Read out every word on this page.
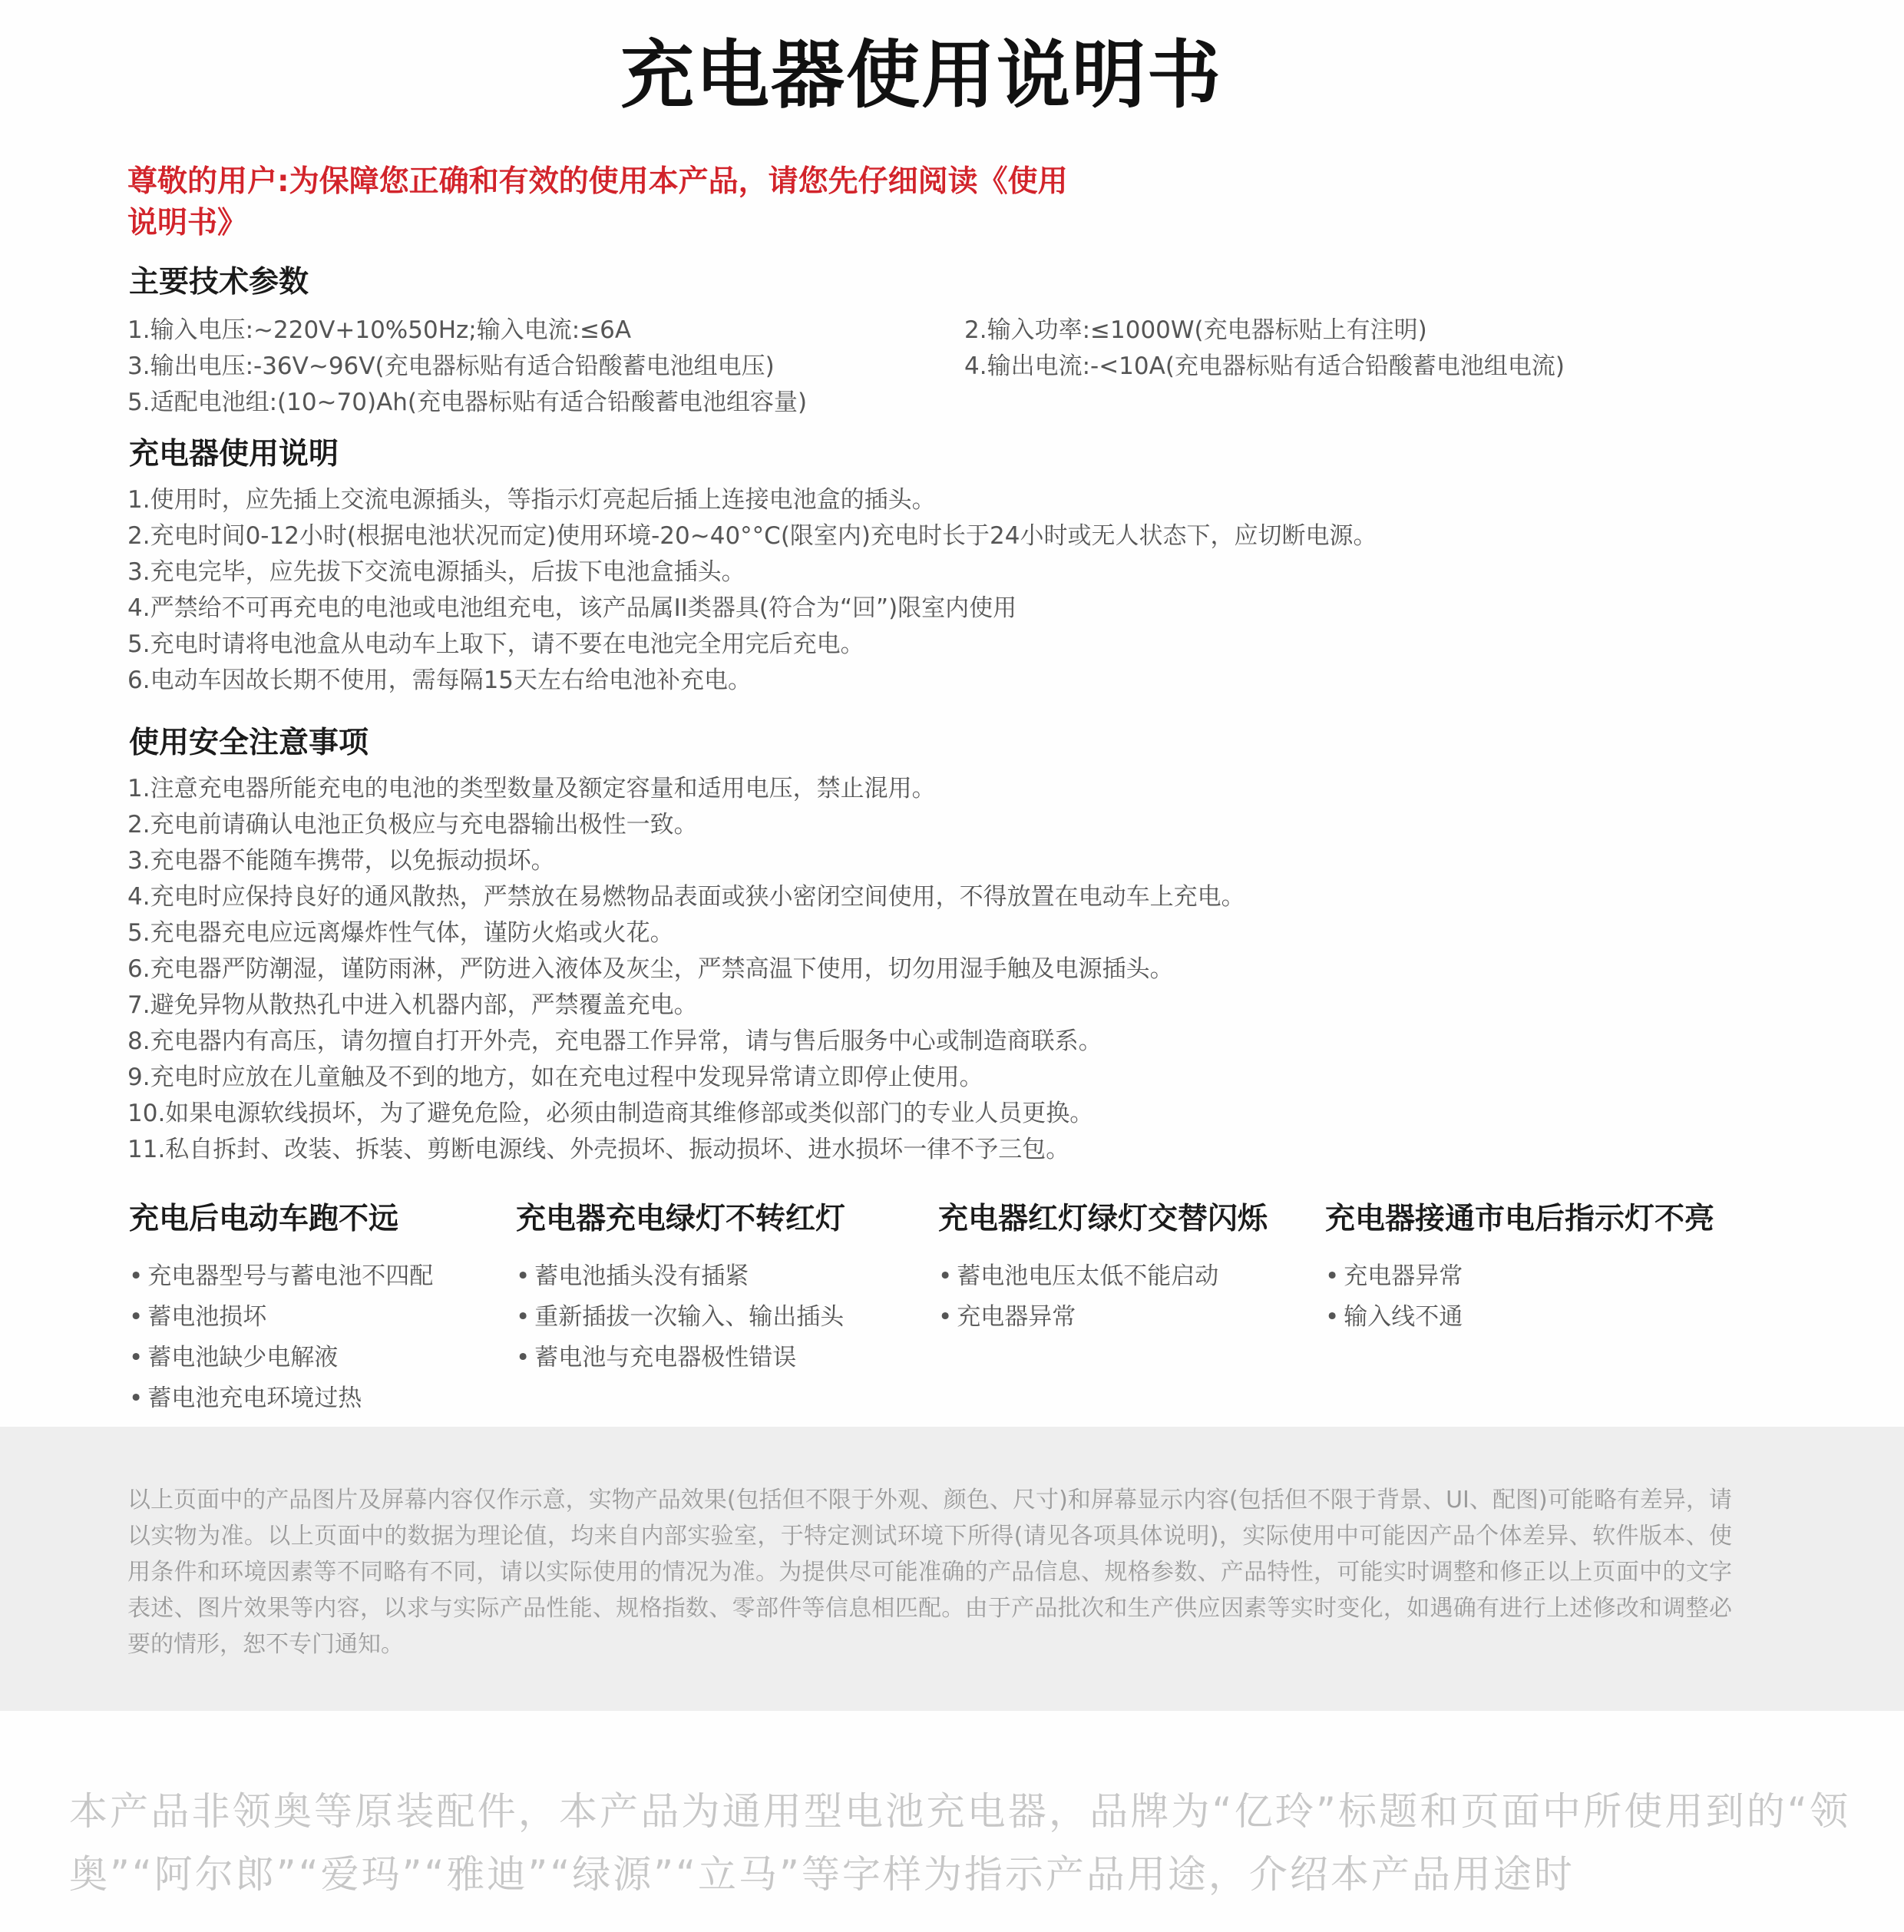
充电器使用说明书

尊敬的用户:为保障您正确和有效的使用本产品，请您先仔细阅读《使用说明书》

主要技术参数
1.输入电压:~220V+10%50Hz;输入电流:≤6A	2.输入功率:≤1000W(充电器标贴上有注明)
3.输出电压:-36V~96V(充电器标贴有适合铅酸蓄电池组电压)	4.输出电流:-<10A(充电器标贴有适合铅酸蓄电池组电流)
5.适配电池组:(10~70)Ah(充电器标贴有适合铅酸蓄电池组容量)
充电器使用说明
1.使用时，应先插上交流电源插头，等指示灯亮起后插上连接电池盒的插头。
2.充电时间0-12小时(根据电池状况而定)使用环境-20~40°°C(限室内)充电时长于24小时或无人状态下，应切断电源。
3.充电完毕，应先拔下交流电源插头，后拔下电池盒插头。
4.严禁给不可再充电的电池或电池组充电，该产品属II类器具(符合为“回”)限室内使用
5.充电时请将电池盒从电动车上取下，请不要在电池完全用完后充电。
6.电动车因故长期不使用，需每隔15天左右给电池补充电。
使用安全注意事项
1.注意充电器所能充电的电池的类型数量及额定容量和适用电压，禁止混用。
2.充电前请确认电池正负极应与充电器输出极性一致。
3.充电器不能随车携带，以免振动损坏。
4.充电时应保持良好的通风散热，严禁放在易燃物品表面或狭小密闭空间使用，不得放置在电动车上充电。
5.充电器充电应远离爆炸性气体，谨防火焰或火花。
6.充电器严防潮湿，谨防雨淋，严防进入液体及灰尘，严禁高温下使用，切勿用湿手触及电源插头。
7.避免异物从散热孔中进入机器内部，严禁覆盖充电。
8.充电器内有高压，请勿擅自打开外壳，充电器工作异常，请与售后服务中心或制造商联系。
9.充电时应放在儿童触及不到的地方，如在充电过程中发现异常请立即停止使用。
10.如果电源软线损坏，为了避免危险，必须由制造商其维修部或类似部门的专业人员更换。
11.私自拆封、改装、拆装、剪断电源线、外壳损坏、振动损坏、进水损坏一律不予三包。
充电后电动车跑不远
• 充电器型号与蓄电池不四配
• 蓄电池损坏
• 蓄电池缺少电解液
• 蓄电池充电环境过热
充电器充电绿灯不转红灯
• 蓄电池插头没有插紧
• 重新插拔一次输入、输出插头
• 蓄电池与充电器极性错误
充电器红灯绿灯交替闪烁
• 蓄电池电压太低不能启动
• 充电器异常
充电器接通市电后指示灯不亮
• 充电器异常
• 输入线不通

以上页面中的产品图片及屏幕内容仅作示意，实物产品效果(包括但不限于外观、颜色、尺寸)和屏幕显示内容(包括但不限于背景、UI、配图)可能略有差异，请以实物为准。以上页面中的数据为理论值，均来自内部实验室，于特定测试环境下所得(请见各项具体说明)，实际使用中可能因产品个体差异、软件版本、使用条件和环境因素等不同略有不同，请以实际使用的情况为准。为提供尽可能准确的产品信息、规格参数、产品特性，可能实时调整和修正以上页面中的文字表述、图片效果等内容，以求与实际产品性能、规格指数、零部件等信息相匹配。由于产品批次和生产供应因素等实时变化，如遇确有进行上述修改和调整必要的情形，恕不专门通知。

本产品非领奥等原装配件，本产品为通用型电池充电器，品牌为“亿玲”标题和页面中所使用到的“领奥”“阿尔郎”“爱玛”“雅迪”“绿源”“立马”等字样为指示产品用途，介绍本产品用途时
